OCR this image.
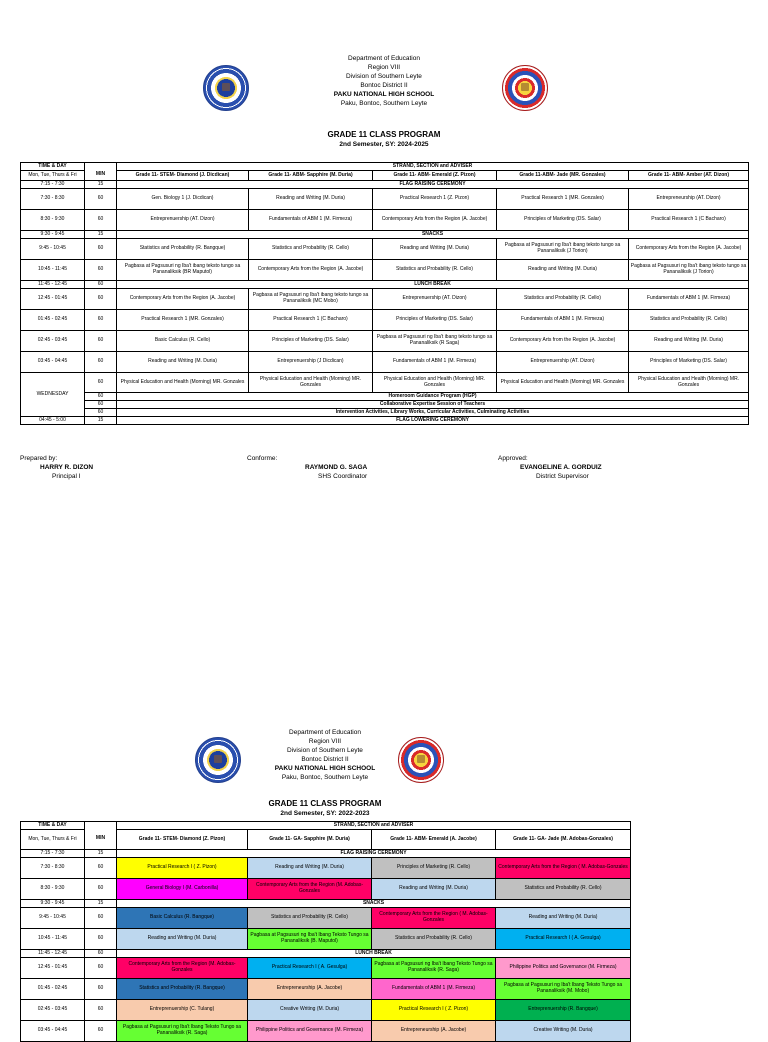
Department of Education
Region VIII
Division of Southern Leyte
Bontoc District II
PAKU NATIONAL HIGH SCHOOL
Paku, Bontoc, Southern Leyte
GRADE 11 CLASS PROGRAM
2nd Semester, SY: 2024-2025
TIME & DAY		STRAND, SECTION and ADVISER				
Mon, Tue, Thurs & Fri	MIN	Grade 11- STEM- Diamond (J. Dicdican)	Grade 11- ABM- Sapphire (M. Duria)	Grade 11- ABM- Emerald (Z. Pizon)	Grade 11-ABM- Jade (MR. Gonzales)	Grade 11- ABM- Amber (AT. Dizon)
7:15 - 7:30	15	FLAG RAISING CEREMONY				
7:30 - 8:30	60	Gen. Biology 1 (J. Dicdican)	Reading and Writing (M. Duria)	Practical Research 1 (Z. Pizon)	Practical Research 1 (MR. Gonzales)	Entrepreneurship (AT. Dizon)
8:30 - 9:30	60	Entreprenuership (AT. Dizon)	Fundamentals of ABM 1 (M. Firmeza)	Contemporary Arts from the Region (A. Jacobe)	Principles of Marketing (DS. Salar)	Practical Research 1 (C Bacharo)
9:30 - 9:45	15	SNACKS				
9:45 - 10:45	60	Statistics and Probability (R. Bangque)	Statistics and Probability (R. Cello)	Reading and Writing (M. Duria)	Pagbasa at Pagsusuri ng Iba't ibang teksto tungo sa Pananaliksik (J Torion)	Contemporary Arts from the Region (A. Jacobe)
10:45 - 11:45	60	Pagbasa at Pagsusuri ng Iba't ibang teksto tungo sa Pananaliksik (BR Maputol)	Contemporary Arts from the Region (A. Jacobe)	Statistics and Probability (R. Cello)	Reading and Writing (M. Duria)	Pagbasa at Pagsusuri ng Iba't ibang teksto tungo sa Pananaliksik (J Torion)
11:45 - 12:45	60	LUNCH BREAK				
12:45 - 01:45	60	Contemporary Arts from the Region (A. Jacobe)	Pagbasa at Pagsusuri ng Iba't ibang teksto tungo sa Pananaliksik (MC Mobo)	Entreprenuership (AT. Dizon)	Statistics and Probability (R. Cello)	Fundamentals of ABM 1 (M. Firmeza)
01:45 - 02:45	60	Practical Research 1 (MR. Gonzales)	Practical Research 1 (C Bacharo)	Principles of Marketing (DS. Salar)	Fundamentals of ABM 1 (M. Firmeza)	Statistics and Probability (R. Cello)
02:45 - 03:45	60	Basic Calculus (R. Cello)	Principles of Marketing (DS. Salar)	Pagbasa at Pagsusuri ng Iba't ibang teksto tungo sa Pananaliksik (R Saga)	Contemporary Arts from the Region (A. Jacobe)	Reading and Writing (M. Duria)
03:45 - 04:45	60	Reading and Writing (M. Duria)	Entreprenuership (J Dicdican)	Fundamentals of ABM 1 (M. Firmeza)	Entreprenuership (AT. Dizon)	Principles of Marketing (DS. Salar)
WEDNESDAY	60	Physical Education and Health (Morning) MR. Gonzales	Physical Education and Health (Morning) MR. Gonzales	Physical Education and Health (Morning) MR. Gonzales	Physical Education and Health (Morning) MR. Gonzales	Physical Education and Health (Morning) MR. Gonzales
	60	Homeroom Guidance Program (HGP)				
	60	Collaborative Expertise Session of Teachers				
	60	Intervention Activities, Library Works, Curricular Activities, Culminating Activities				
04:45 - 5:00	15	FLAG LOWERING CEREMONY				
Prepared by:
HARRY R. DIZON
Principal I
Conforme:
RAYMOND G. SAGA
SHS Coordinator
Approved:
EVANGELINE A. GORDUIZ
District Supervisor
Department of Education
Region VIII
Division of Southern Leyte
Bontoc District II
PAKU NATIONAL HIGH SCHOOL
Paku, Bontoc, Southern Leyte
GRADE 11 CLASS PROGRAM
2nd Semester, SY: 2022-2023
TIME & DAY		STRAND, SECTION and ADVISER			
Mon, Tue, Thurs & Fri	MIN	Grade 11- STEM- Diamond (Z. Pizon)	Grade 11- GA- Sapphire (M. Duria)	Grade 11- ABM- Emerald (A. Jacobe)	Grade 11- GA- Jade (M. Adobas-Gonzales)
7:15 - 7:30	15	FLAG RAISING CEREMONY			
7:30 - 8:30	60	Practical Research I ( Z. Pizon)	Reading and Writing (M. Duria)	Principles of Marketing (R. Cello)	Contemporary Arts from the Region ( M. Adobas-Gonzales
8:30 - 9:30	60	General Biology I (M. Carbonilla)	Contemporary Arts from the Region (M. Adobas-Gonzales	Reading and Writing (M. Duria)	Statistics and Probability (R. Cello)
9:30 - 9:45	15	SNACKS			
9:45 - 10:45	60	Basic Calculus (R. Bangque)	Statistics and Probability (R. Cello)	Contemporary Arts from the Region ( M. Adobas-Gonzales	Reading and Writing (M. Duria)
10:45 - 11:45	60	Reading and Writing (M. Duria)	Pagbasa at Pagsusuri ng Iba't Ibang Teksto Tungo sa Pananaliksik (B. Maputol)	Statistics and Probability (R. Cello)	Practical Research I ( A. Gesulga)
11:45 - 12:45	60	LUNCH BREAK			
12:45 - 01:45	60	Contemporary Arts from the Region (M. Adobas-Gonzales	Practical Research I ( A. Gesulga)	Pagbasa at Pagsusuri ng Iba't Ibang Teksto Tungo sa Pananaliksik (R. Saga)	Philippine Politics and Governance (M. Firmeza)
01:45 - 02:45	60	Statistics and Probability (R. Bangque)	Entrepreneurship (A. Jacobe)	Fundamentals of ABM 1 (M. Firmeza)	Pagbasa at Pagsusuri ng Iba't Ibang Teksto Tungo sa Pananaliksik (M. Mobo)
02:45 - 03:45	60	Entreprenuership (C. Tulang)	Creative Writing (M. Duria)	Practical Research I ( Z. Pizon)	Entreprenuership (R. Bangque)
03:45 - 04:45	60	Pagbasa at Pagsusuri ng Iba't Ibang Teksto Tungo sa Pananaliksik (R. Saga)	Philippine Politics and Governance (M. Firmeza)	Entrepreneurship (A. Jacobe)	Creative Writing (M. Duria)
